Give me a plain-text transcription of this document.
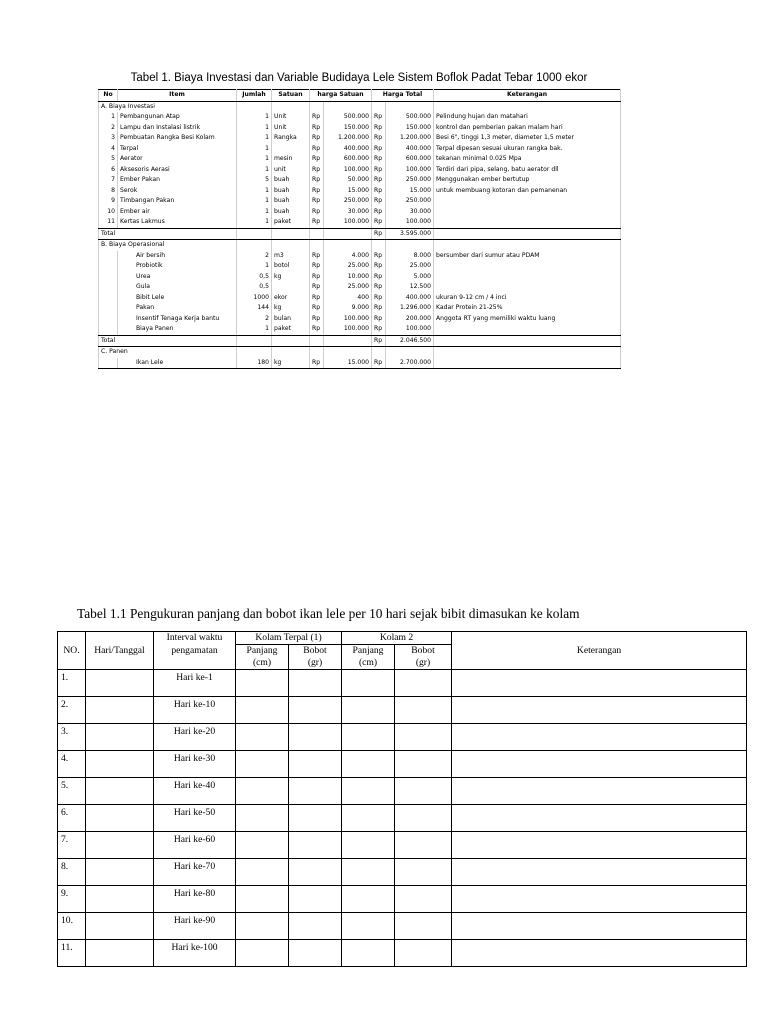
Tabel 1. Biaya Investasi dan Variable Budidaya Lele Sistem Boflok Padat Tebar 1000 ekor
No	Item	Jumlah	Satuan	harga Satuan		Harga Total		Keterangan
A. Biaya Investasi								
1	Pembangunan Atap	1	Unit	Rp	500.000	Rp	500.000	Pelindung hujan dan matahari
2	Lampu dan Instalasi listrik	1	Unit	Rp	150.000	Rp	150.000	kontrol dan pemberian pakan malam hari
3	Pembuatan Rangka Besi Kolam	1	Rangka	Rp	1.200.000	Rp	1.200.000	Besi 6", tinggi 1,3 meter, diameter 1,5 meter
4	Terpal	1		Rp	400.000	Rp	400.000	Terpal dipesan sesuai ukuran rangka bak.
5	Aerator	1	mesin	Rp	600.000	Rp	600.000	tekanan minimal 0.025 Mpa
6	Aksesoris Aerasi	1	unit	Rp	100.000	Rp	100.000	Terdiri dari pipa, selang, batu aerator dll
7	Ember Pakan	5	buah	Rp	50.000	Rp	250.000	Menggunakan ember bertutup
8	Serok	1	buah	Rp	15.000	Rp	15.000	untuk membuang kotoran dan pemanenan
9	Timbangan Pakan	1	buah	Rp	250.000	Rp	250.000	
10	Ember air	1	buah	Rp	30.000	Rp	30.000	
11	Kertas Lakmus	1	paket	Rp	100.000	Rp	100.000	
Total						Rp	3.595.000	
B. Biaya Operasional								
	Air bersih	2	m3	Rp	4.000	Rp	8.000	bersumber dari sumur atau PDAM
	Probiotik	1	botol	Rp	25.000	Rp	25.000	
	Urea	0,5	kg	Rp	10.000	Rp	5.000	
	Gula	0,5		Rp	25.000	Rp	12.500	
	Bibit Lele	1000	ekor	Rp	400	Rp	400.000	ukuran 9-12 cm / 4 inci
	Pakan	144	kg	Rp	9.000	Rp	1.296.000	Kadar Protein 21-25%
	Insentif Tenaga Kerja bantu	2	bulan	Rp	100.000	Rp	200.000	Anggota RT yang memiliki waktu luang
	Biaya Panen	1	paket	Rp	100.000	Rp	100.000	
Total						Rp	2.046.500	
C. Panen								
	Ikan Lele	180	kg	Rp	15.000	Rp	2.700.000	
Tabel 1.1 Pengukuran panjang dan bobot ikan lele per 10 hari sejak bibit dimasukan ke kolam
NO.	Hari/Tanggal	Interval waktu	Kolam Terpal (1)		Kolam 2		Keterangan
		pengamatan	Panjang	Bobot	Panjang	Bobot	
			(cm)	(gr)	(cm)	(gr)	
1.		Hari ke-1					
2.		Hari ke-10					
3.		Hari ke-20					
4.		Hari ke-30					
5.		Hari ke-40					
6.		Hari ke-50					
7.		Hari ke-60					
8.		Hari ke-70					
9.		Hari ke-80					
10.		Hari ke-90					
11.		Hari ke-100					
